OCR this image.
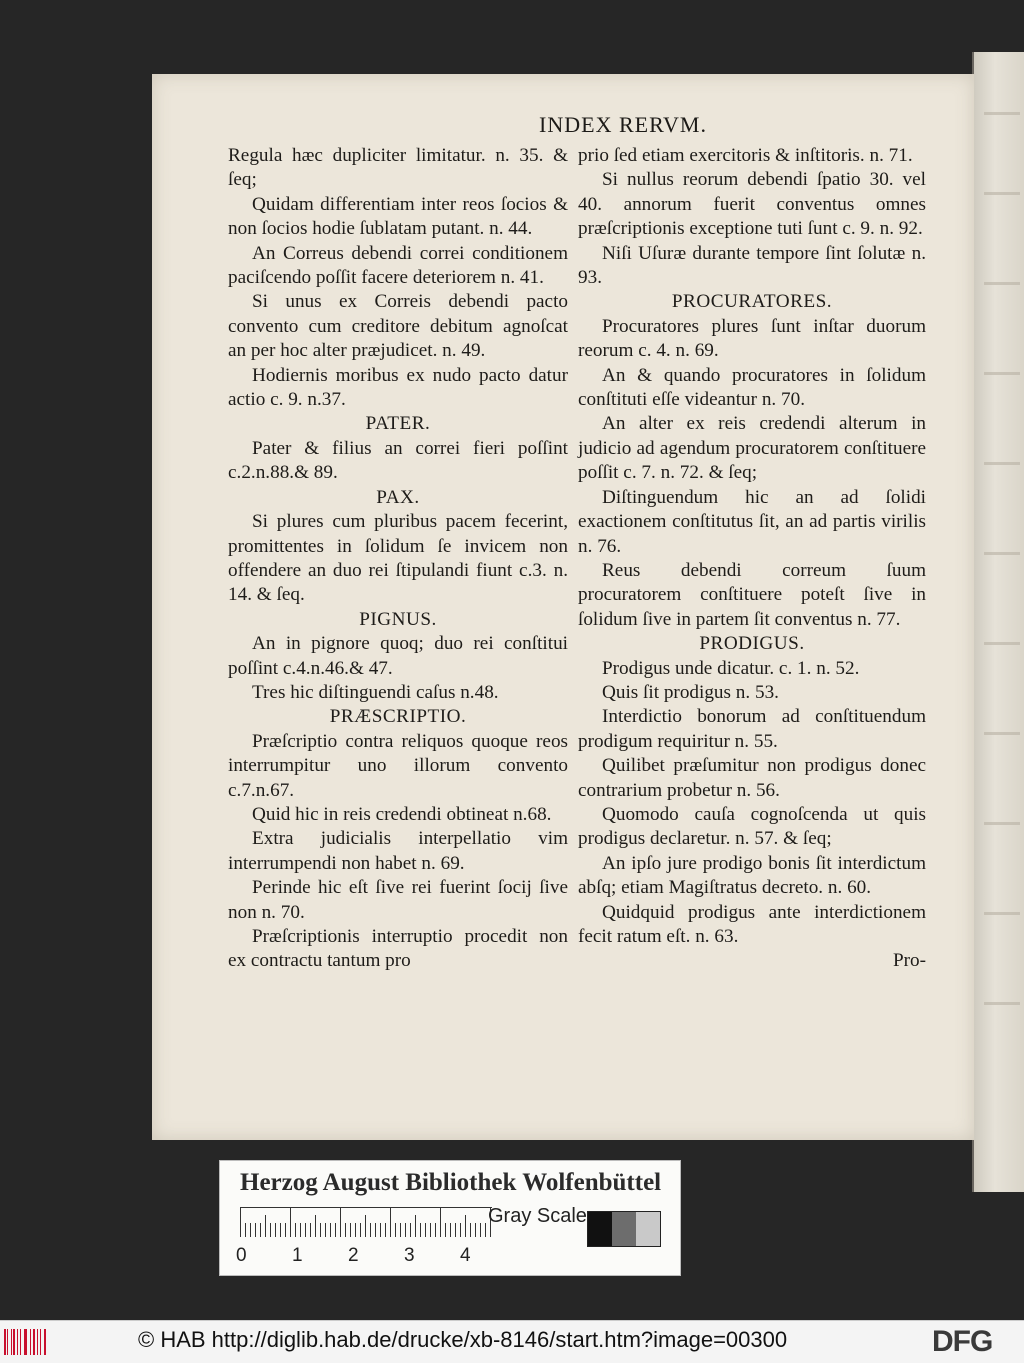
INDEX RERVM.

Regula hæc dupliciter limitatur. n. 35. & ſeq;

Quidam differentiam inter reos ſocios & non ſocios hodie ſublatam putant. n. 44.

An Correus debendi correi conditionem paciſcendo poſſit facere deteriorem n. 41.

Si unus ex Correis debendi pacto convento cum creditore debitum agnoſcat an per hoc alter præjudicet. n. 49.

Hodiernis moribus ex nudo pacto datur actio c. 9. n.37.

PATER.

Pater & filius an correi fieri poſſint c.2.n.88.& 89.

PAX.

Si plures cum pluribus pacem fecerint, promittentes in ſolidum ſe invicem non offendere an duo rei ſtipulandi fiunt c.3. n. 14. & ſeq.

PIGNUS.

An in pignore quoq; duo rei conſtitui poſſint c.4.n.46.& 47.

Tres hic diſtinguendi caſus n.48.

PRÆSCRIPTIO.

Præſcriptio contra reliquos quoque reos interrumpitur uno illorum convento c.7.n.67.

Quid hic in reis credendi obtineat n.68.

Extra judicialis interpellatio vim interrumpendi non habet n. 69.

Perinde hic eſt ſive rei fuerint ſocij ſive non n. 70.

Præſcriptionis interruptio procedit non ex contractu tantum pro

prio ſed etiam exercitoris & inſtitoris. n. 71.

Si nullus reorum debendi ſpatio 30. vel 40. annorum fuerit conventus omnes præſcriptionis exceptione tuti ſunt c. 9. n. 92.

Niſi Uſuræ durante tempore ſint ſolutæ n. 93.

PROCURATORES.

Procuratores plures ſunt inſtar duorum reorum c. 4. n. 69.

An & quando procuratores in ſolidum conſtituti eſſe videantur n. 70.

An alter ex reis credendi alterum in judicio ad agendum procuratorem conſtituere poſſit c. 7. n. 72. & ſeq;

Diſtinguendum hic an ad ſolidi exactionem conſtitutus ſit, an ad partis virilis n. 76.

Reus debendi correum ſuum procuratorem conſtituere poteſt ſive in ſolidum ſive in partem ſit conventus n. 77.

PRODIGUS.

Prodigus unde dicatur. c. 1. n. 52.

Quis ſit prodigus n. 53.

Interdictio bonorum ad conſtituendum prodigum requiritur n. 55.

Quilibet præſumitur non prodigus donec contrarium probetur n. 56.

Quomodo cauſa cognoſcenda ut quis prodigus declaretur. n. 57. & ſeq;

An ipſo jure prodigo bonis ſit interdictum abſq; etiam Magiſtratus decreto. n. 60.

Quidquid prodigus ante interdictionem fecit ratum eſt. n. 63.

Pro-

Herzog August Bibliothek Wolfenbüttel
0 1 2 3 4
Gray Scale
© HAB http://diglib.hab.de/drucke/xb-8146/start.htm?image=00300	DFG
